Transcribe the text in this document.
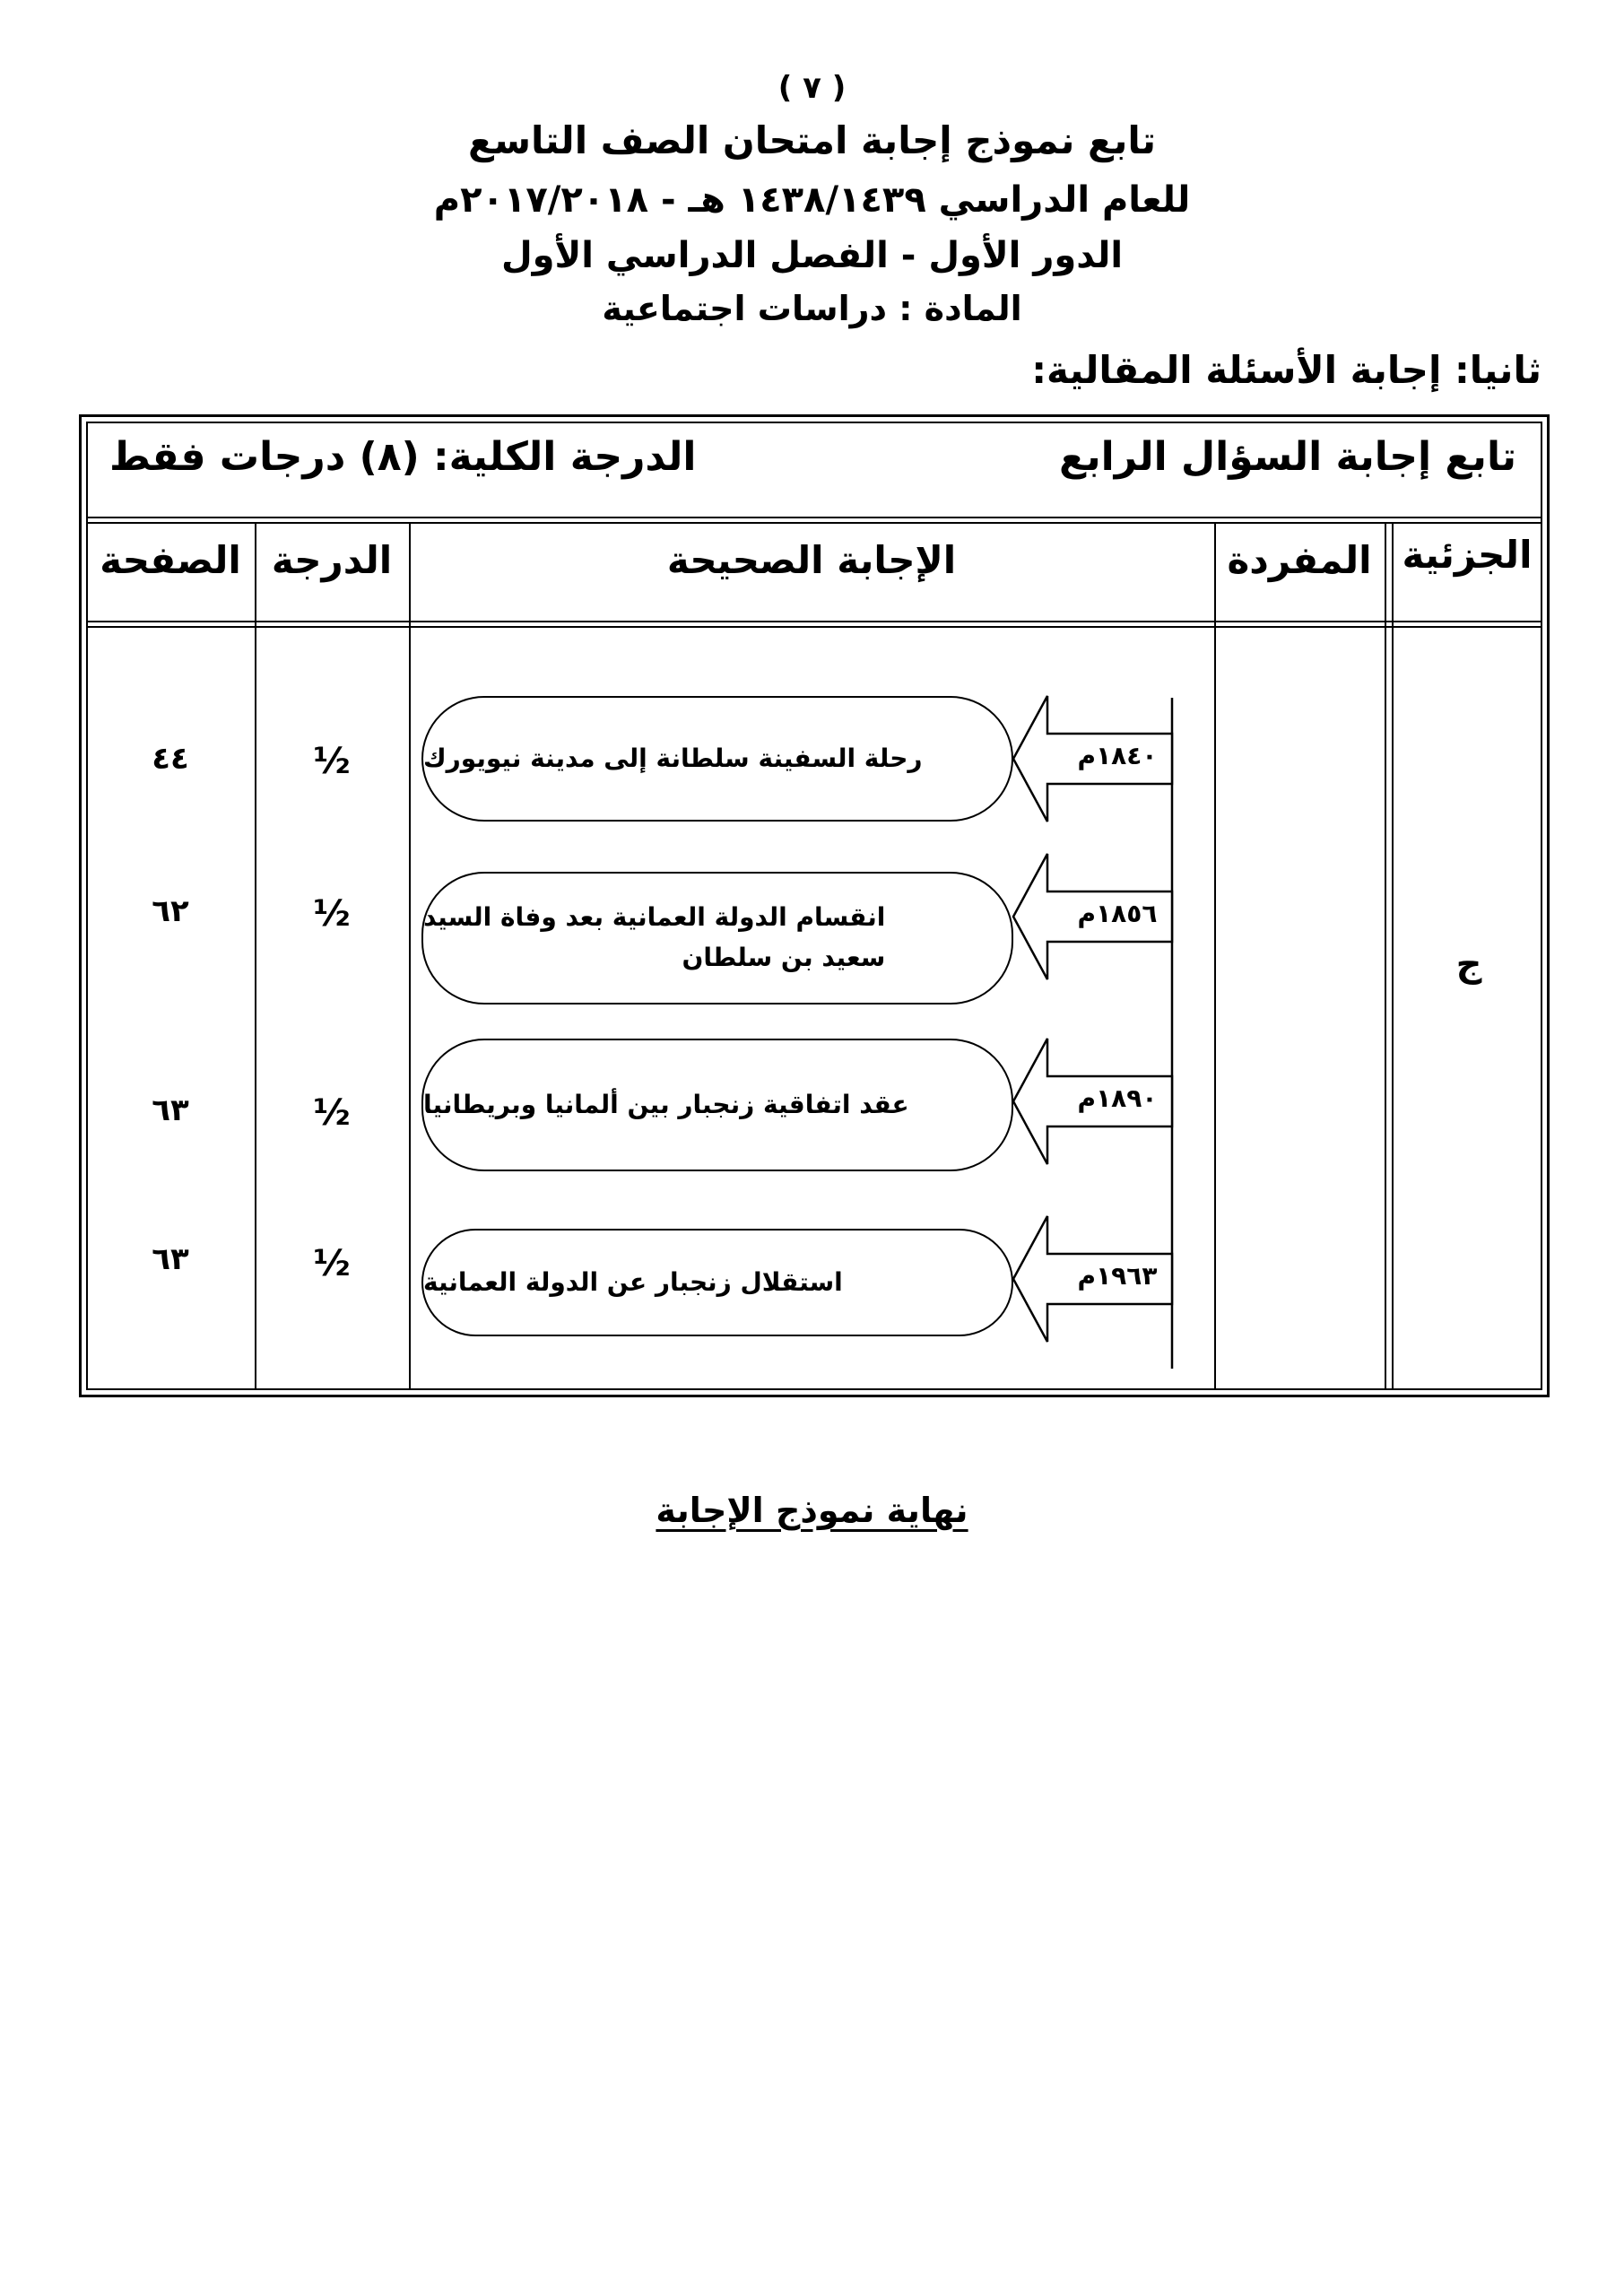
( ٧ )
تابع نموذج إجابة امتحان الصف التاسع
للعام الدراسي ١٤٣٨/١٤٣٩ هـ - ٢٠١٧/٢٠١٨م
الدور الأول - الفصل الدراسي الأول
المادة : دراسات اجتماعية
ثانيا: إجابة الأسئلة المقالية:
تابع إجابة السؤال الرابع
الدرجة الكلية: (٨) درجات فقط
الجزئية
المفردة
الإجابة الصحيحة
الدرجة
الصفحة
ج
١٨٤٠م
رحلة السفينة سلطانة إلى مدينة نيويورك
½
٤٤
١٨٥٦م
انقسام الدولة العمانية بعد وفاة السيد
سعيد بن سلطان
½
٦٢
١٨٩٠م
عقد اتفاقية زنجبار بين ألمانيا وبريطانيا
½
٦٣
١٩٦٣م
استقلال زنجبار عن الدولة العمانية
½
٦٣
نهاية نموذج الإجابة
